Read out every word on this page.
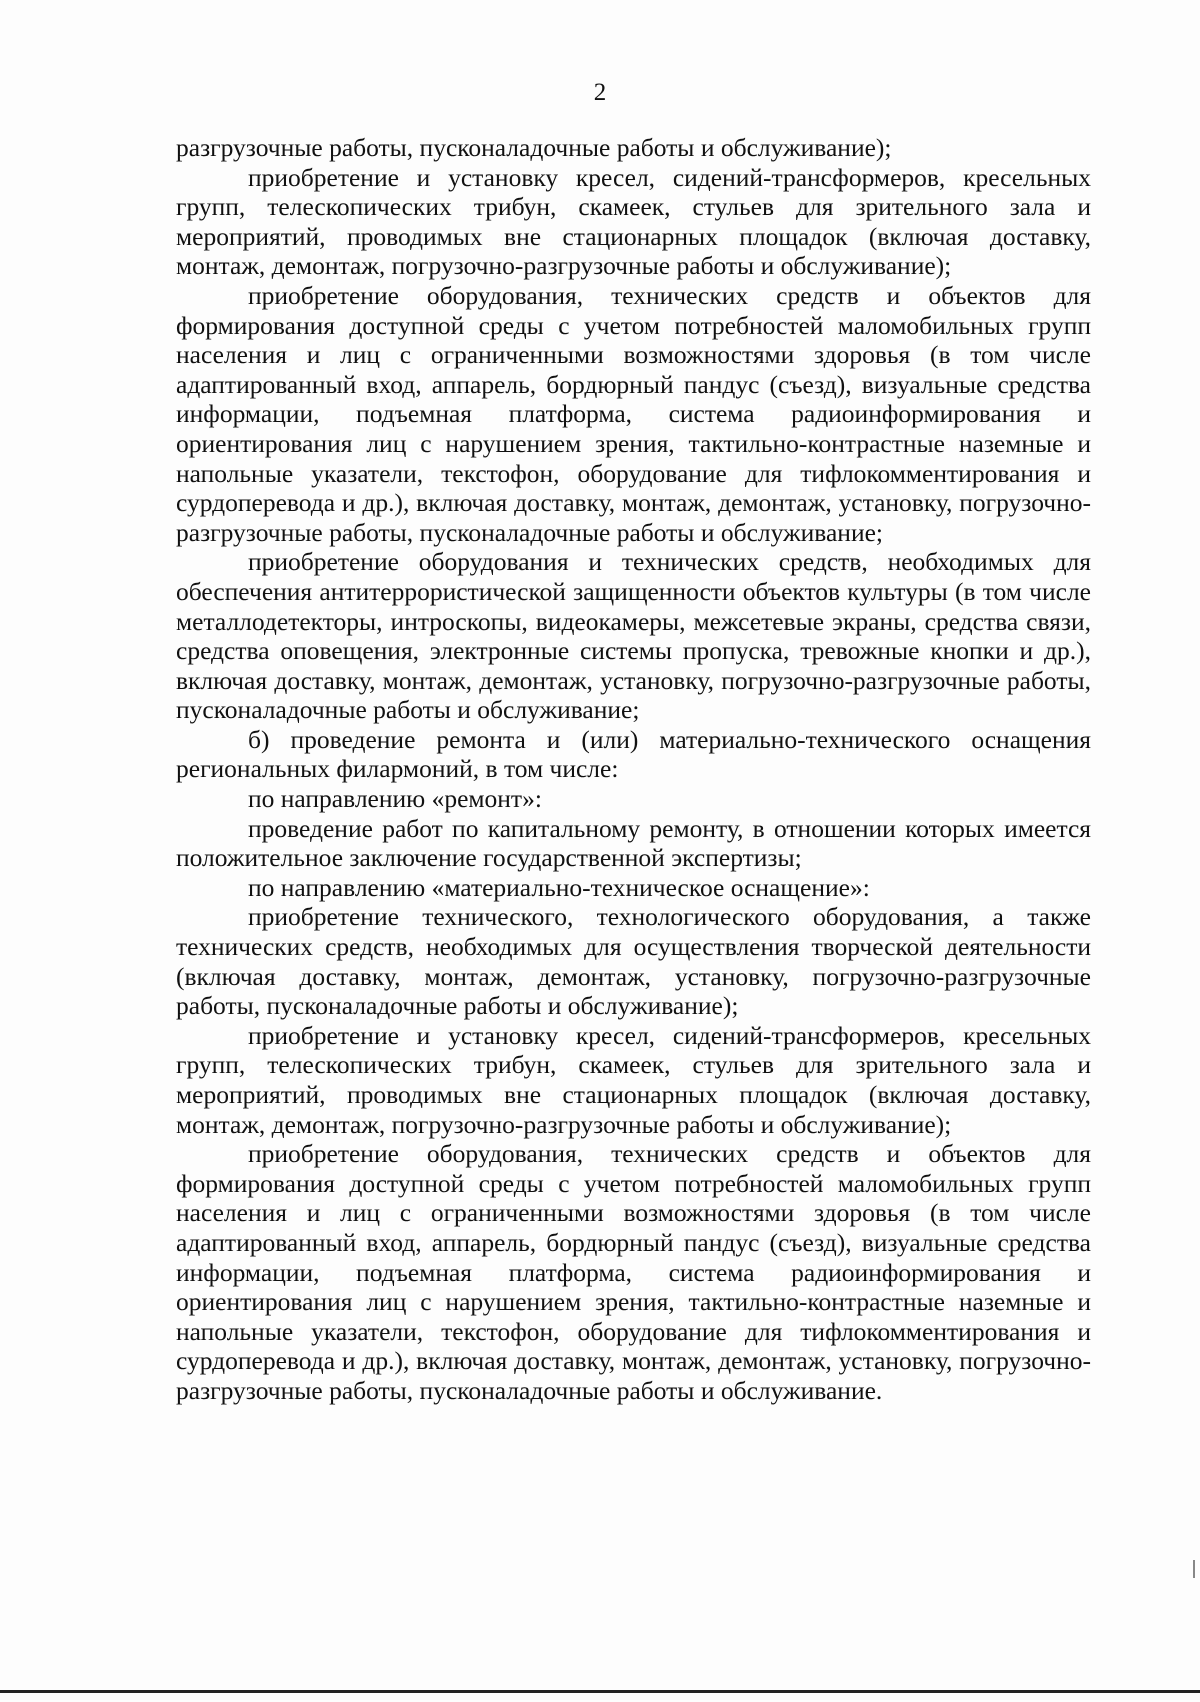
2

разгрузочные работы, пусконаладочные работы и обслуживание);

приобретение и установку кресел, сидений-трансформеров, кресельных групп, телескопических трибун, скамеек, стульев для зрительного зала и мероприятий, проводимых вне стационарных площадок (включая доставку, монтаж, демонтаж, погрузочно-разгрузочные работы и обслуживание);

приобретение оборудования, технических средств и объектов для формирования доступной среды с учетом потребностей маломобильных групп населения и лиц с ограниченными возможностями здоровья (в том числе адаптированный вход, аппарель, бордюрный пандус (съезд), визуальные средства информации, подъемная платформа, система радиоинформирования и ориентирования лиц с нарушением зрения, тактильно-контрастные наземные и напольные указатели, текстофон, оборудование для тифлокомментирования и сурдоперевода и др.), включая доставку, монтаж, демонтаж, установку, погрузочно-разгрузочные работы, пусконаладочные работы и обслуживание;

приобретение оборудования и технических средств, необходимых для обеспечения антитеррористической защищенности объектов культуры (в том числе металлодетекторы, интроскопы, видеокамеры, межсетевые экраны, средства связи, средства оповещения, электронные системы пропуска, тревожные кнопки и др.), включая доставку, монтаж, демонтаж, установку, погрузочно-разгрузочные работы, пусконаладочные работы и обслуживание;

б) проведение ремонта и (или) материально-технического оснащения региональных филармоний, в том числе:

по направлению «ремонт»:

проведение работ по капитальному ремонту, в отношении которых имеется положительное заключение государственной экспертизы;

по направлению «материально-техническое оснащение»:

приобретение технического, технологического оборудования, а также технических средств, необходимых для осуществления творческой деятельности (включая доставку, монтаж, демонтаж, установку, погрузочно-разгрузочные работы, пусконаладочные работы и обслуживание);

приобретение и установку кресел, сидений-трансформеров, кресельных групп, телескопических трибун, скамеек, стульев для зрительного зала и мероприятий, проводимых вне стационарных площадок (включая доставку, монтаж, демонтаж, погрузочно-разгрузочные работы и обслуживание);

приобретение оборудования, технических средств и объектов для формирования доступной среды с учетом потребностей маломобильных групп населения и лиц с ограниченными возможностями здоровья (в том числе адаптированный вход, аппарель, бордюрный пандус (съезд), визуальные средства информации, подъемная платформа, система радиоинформирования и ориентирования лиц с нарушением зрения, тактильно-контрастные наземные и напольные указатели, текстофон, оборудование для тифлокомментирования и сурдоперевода и др.), включая доставку, монтаж, демонтаж, установку, погрузочно-разгрузочные работы, пусконаладочные работы и обслуживание.
